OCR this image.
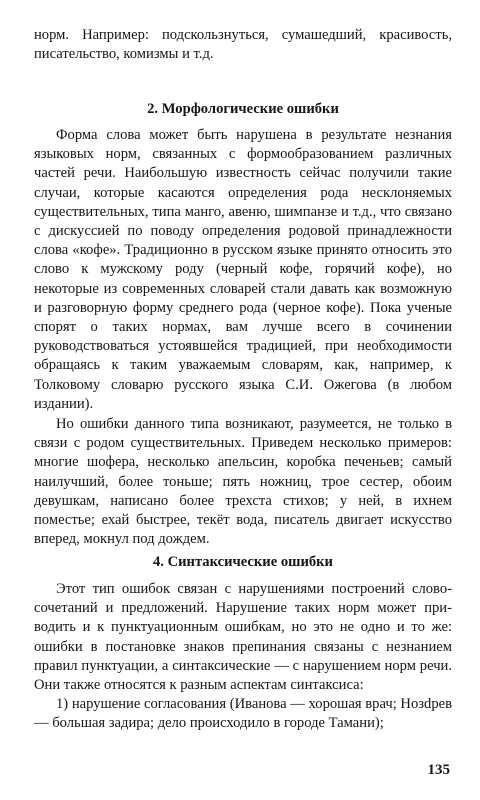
норм. Например: подскользнуться, сумашедший, красивость, писательство, комизмы и т.д.

2. Морфологические ошибки

Форма слова может быть нарушена в результате незнания языковых норм, связанных с формообразованием различных частей речи. Наибольшую известность сейчас получили такие случаи, которые касаются определения рода несклоняемых существительных, типа манго, авеню, шимпанзе и т.д., что связано с дискуссией по поводу определения родовой принадлежности слова «кофе». Традиционно в русском языке принято относить это слово к мужскому роду (черный кофе, горячий кофе), но некоторые из современных словарей стали давать как возможную и разговорную форму среднего рода (черное кофе). Пока ученые спорят о таких нормах, вам лучше всего в сочинении руководствоваться устоявшейся традицией, при необходимости обращаясь к таким уважаемым словарям, как, например, к Толковому словарю русского языка С.И. Ожегова (в любом издании).

Но ошибки данного типа возникают, разумеется, не только в связи с родом существительных. Приведем несколько примеров: многие шофера, несколько апельсин, коробка печеньев; самый наилучший, более тоньше; пять ножниц, трое сестер, обоим девушкам, написано более трехста стихов; у ней, в ихнем поместье; ехай быстрее, текёт вода, писатель двигает искусство вперед, мокнул под дождем.

4. Синтаксические ошибки

Этот тип ошибок связан с нарушениями построений словосочетаний и предложений. Нарушение таких норм может приводить и к пунктуационным ошибкам, но это не одно и то же: ошибки в постановке знаков препинания связаны с незнанием правил пунктуации, а синтаксические — с нарушением норм речи. Они также относятся к разным аспектам синтаксиса:

1) нарушение согласования (Иванова — хорошая врач; Нозdрев — большая задира; дело происходило в городе Тамани);

135
